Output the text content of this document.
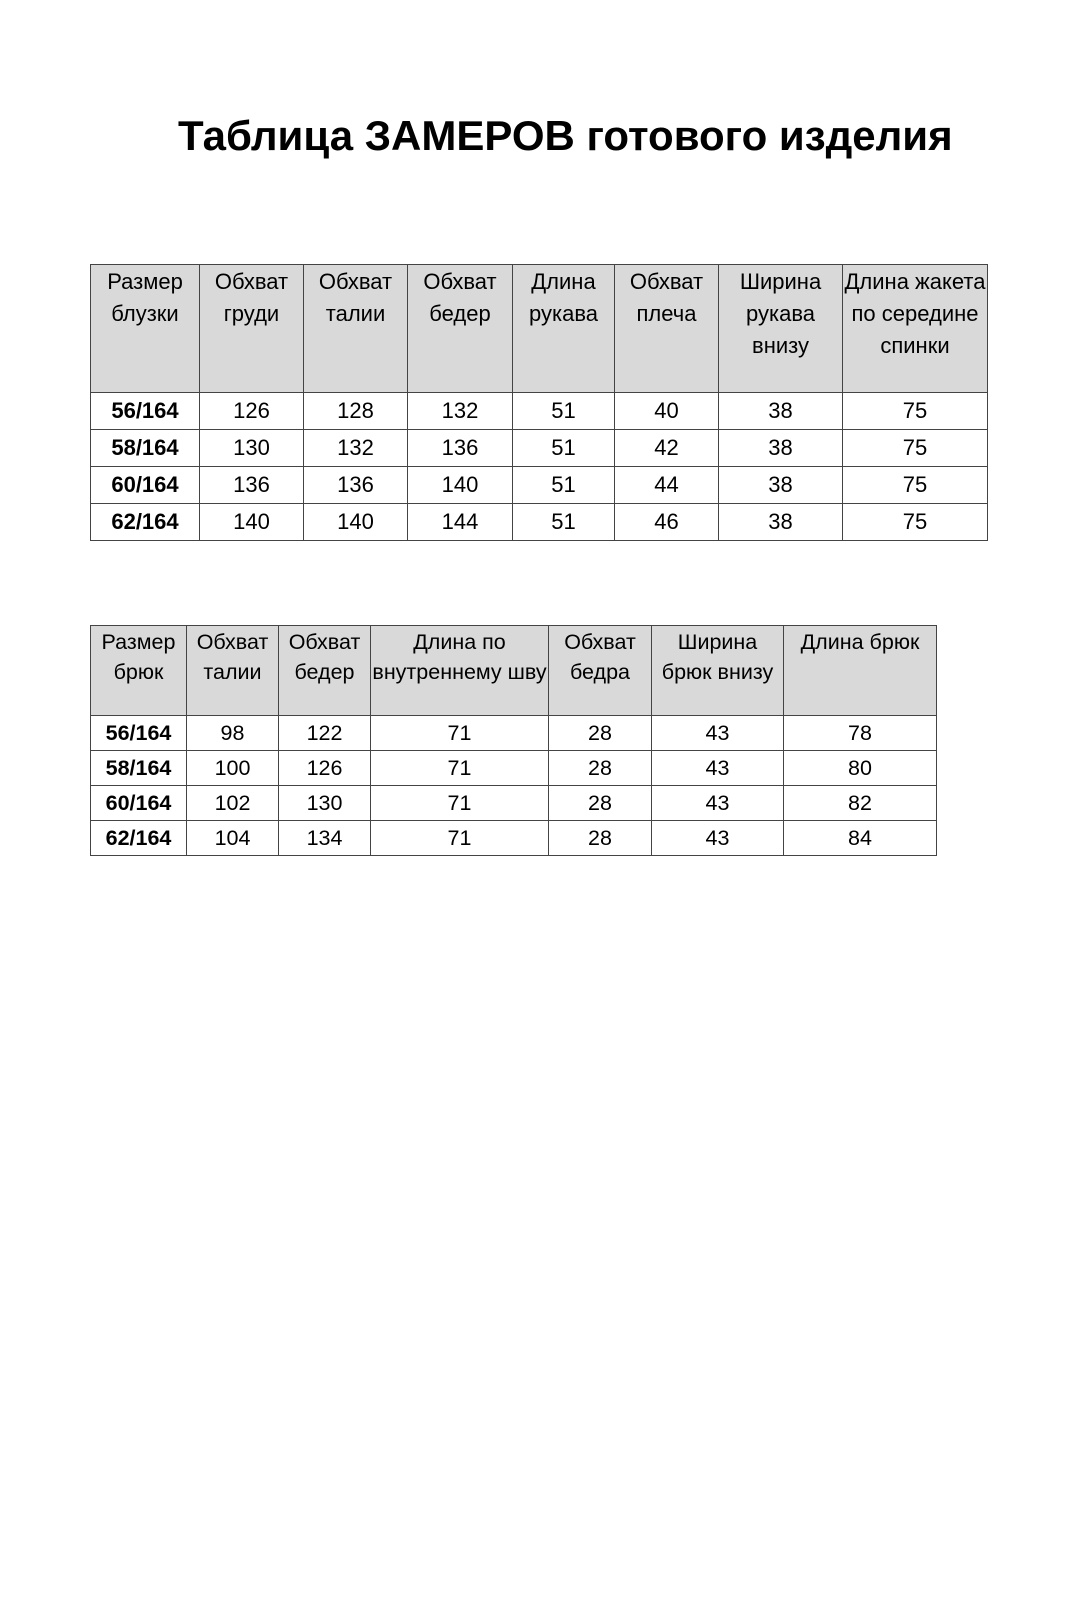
Таблица ЗАМЕРОВ готового изделия
Размер блузки	Обхват груди	Обхват талии	Обхват бедер	Длина рукава	Обхват плеча	Ширина рукава внизу	Длина жакета по середине спинки
56/164	126	128	132	51	40	38	75
58/164	130	132	136	51	42	38	75
60/164	136	136	140	51	44	38	75
62/164	140	140	144	51	46	38	75
Размер брюк	Обхват талии	Обхват бедер	Длина по внутреннему шву	Обхват бедра	Ширина брюк внизу	Длина брюк
56/164	98	122	71	28	43	78
58/164	100	126	71	28	43	80
60/164	102	130	71	28	43	82
62/164	104	134	71	28	43	84
